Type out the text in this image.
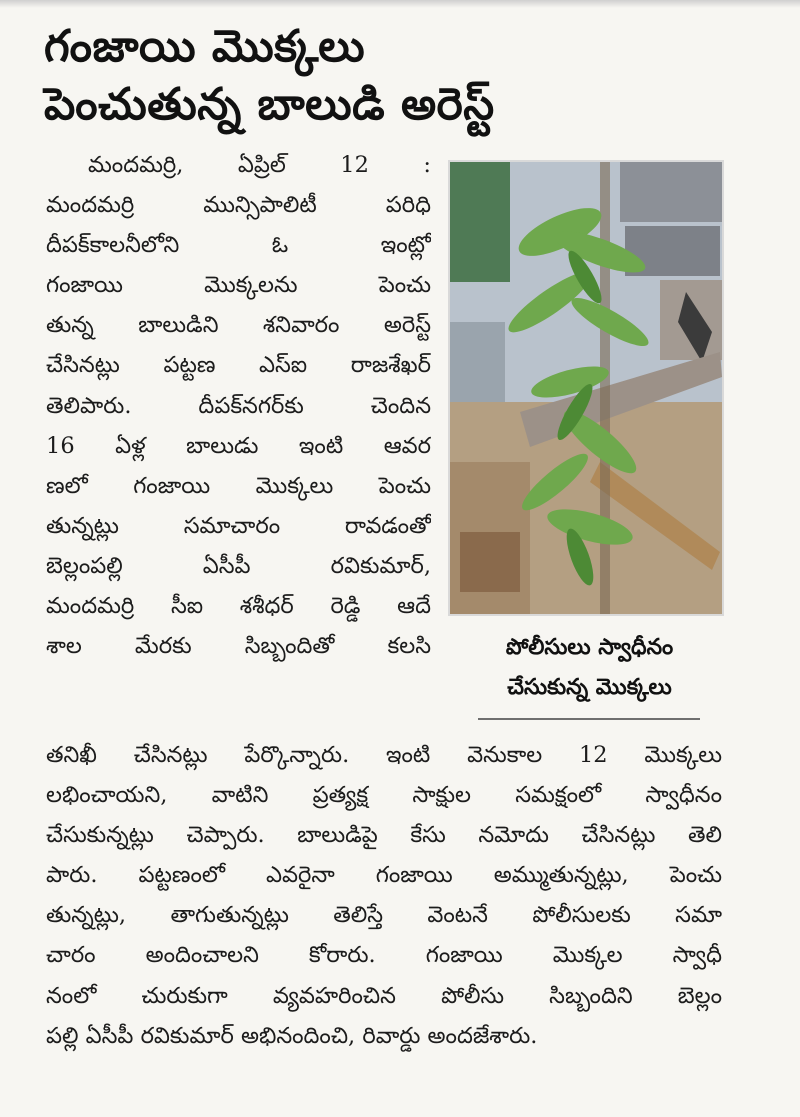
గంజాయి మొక్కలు
పెంచుతున్న బాలుడి అరెస్ట్
మందమర్రి, ఏప్రిల్ 12 :
మందమర్రి మున్సిపాలిటీ పరిధి
దీపక్‌కాలనీలోని ఓ ఇంట్లో
గంజాయి మొక్కలను పెంచు
తున్న బాలుడిని శనివారం అరెస్ట్
చేసినట్లు పట్టణ ఎస్ఐ రాజశేఖర్
తెలిపారు. దీపక్‌నగర్‌కు చెందిన
16 ఏళ్ల బాలుడు ఇంటి ఆవర
ణలో గంజాయి మొక్కలు పెంచు
తున్నట్లు సమాచారం రావడంతో
బెల్లంపల్లి ఏసీపీ రవికుమార్,
మందమర్రి సీఐ శశీధర్ రెడ్డి ఆదే
శాల మేరకు సిబ్బందితో కలసి	పోలీసులు స్వాధీనం
చేసుకున్న మొక్కలు
తనిఖీ చేసినట్లు పేర్కొన్నారు. ఇంటి వెనుకాల 12 మొక్కలు
లభించాయని, వాటిని ప్రత్యక్ష సాక్షుల సమక్షంలో స్వాధీనం
చేసుకున్నట్లు చెప్పారు. బాలుడిపై కేసు నమోదు చేసినట్లు తెలి
పారు. పట్టణంలో ఎవరైనా గంజాయి అమ్ముతున్నట్లు, పెంచు
తున్నట్లు, తాగుతున్నట్లు తెలిస్తే వెంటనే పోలీసులకు సమా
చారం అందించాలని కోరారు. గంజాయి మొక్కల స్వాధీ
నంలో చురుకుగా వ్యవహరించిన పోలీసు సిబ్బందిని బెల్లం
పల్లి ఏసీపీ రవికుమార్ అభినందించి, రివార్డు అందజేశారు.
